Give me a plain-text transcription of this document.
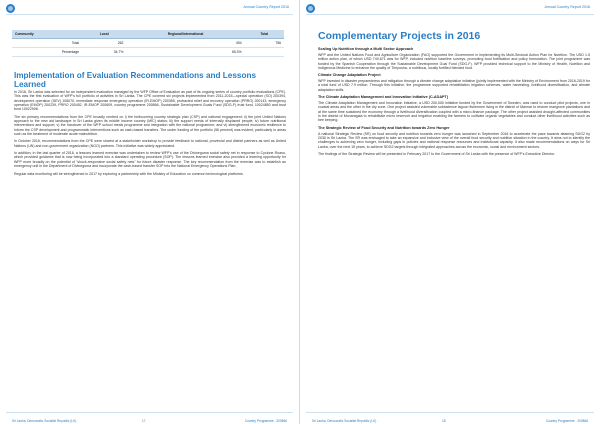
Annual Country Report 2016
Community	Local	Regional/international	Total
Total	262	494	756
Percentage	34.7%	65.3%	
Implementation of Evaluation Recommendations and Lessons Learned

In 2016, Sri Lanka was selected for an independent evaluation managed by the WFP Office of Evaluation as part of its ongoing series of country portfolio evaluations (CPE). This was the first evaluation of WFP's full portfolio of activities in Sri Lanka. The CPE covered six projects implemented from 2011-2015—special operation (SO) 200394, development operation (DEV) 106070, immediate response emergency operation (IR-EMOP) 200355, protracted relief and recovery operation (PRRO) 200143, emergency operation (EMOP) 200239, PRRO 200452, IR-EMOP 200609, country programme 200866, Sustainable Development Goals Fund (SDG-F) trust fund, 10024850 and trust fund 10022908.

The six primary recommendations from the CPE broadly centred on i) the forthcoming country strategic plan (CSP) and national engagement; ii) the joint United Nations approach to the new aid landscape in Sri Lanka given its middle income country (MIC) status; iii) the support needs of internally displaced people; iv) future nutritional interventions and support; v) the handover of the WFP school meals programme and integration with the national programme; and vi) strengthened economic resilience to inform the CSP development and programmatic interventions such as cash-based transfers. The under funding of the portfolio (56 percent) was evident, particularly in areas such as the treatment of moderate acute malnutrition.

In October 2016, recommendations from the CPE were shared at a stakeholder workshop to provide feedback to national, provincial and district partners as well as United Nations (UN) and non-government organization (NGO) partners. This initiative was widely appreciated.

In addition, in the last quarter of 2016, a lessons learned exercise was undertaken to review WFP's use of the Divineguma social safety net in response to Cyclone Roanu, which provided guidance that is now being incorporated into a standard operating procedure (SOP). The lessons learned exercise also provided a learning opportunity for WFP more broadly on the potential of "shock-responsive social safety nets" for future disaster response. The key recommendation from the exercise was to establish an emergency unit in the Department of Divineguma and incorporate the cash-based transfer SOP into the National Emergency Operations Plan.

Regular data monitoring will be strengthened in 2017 by exploring a partnership with the Ministry of Education on common technological platforms.

Sri Lanka, Democratic Socialist Republic (LK)	17	Country Programme - 200866
Annual Country Report 2016
Sri Lanka, Democratic Socialist Republic (LK)	18	Country Programme - 200866
Complementary Projects in 2016
Scaling Up Nutrition through a Multi Sector Approach

WFP and the United Nations Food and Agriculture Organization (FAO) supported the Government in implementing its Multi-Sectoral Action Plan for Nutrition. The USD 1.5 million action plan, of which USD 749,671 was for WFP, included nutrition baseline surveys, promoting food fortification and policy formulation. The joint programme was funded by the Spanish Cooperation through the Sustainable Development Goal Fund (SDG-F). WFP provided technical support to the Ministry of Health, Nutrition and Indigenous Medicine to enhance the quality of Thriposha, a nutritious, locally fortified blended food.

Climate Change Adaptation Project

WFP invested in disaster preparedness and mitigation through a climate change adaptation initiative (jointly implemented with the Ministry of Environment from 2016-2019 for a total fund of USD 7.9 million. Through this initiative, the programme supported rehabilitation irrigation schemes, water harvesting, livelihood diversification, and climate adaptation skills.

The Climate Adaptation Management and Innovation Initiative (C-ADAPT)

The Climate Adaptation Management and Innovation Initiative, a USD 200,000 initiative funded by the Government of Sweden, was used to conduct pilot projects, one in coastal areas and the other in the dry zone. One project assisted vulnerable subsistence lagoon fishermen living in the district of Mannar to restore mangrove plantations and at the same time sustained the economy through a livelihood diversification coupled with a micro-finance package. The other project assisted drought-affected communities in the district of Monaragala to rehabilitate micro reservoir and irrigation enabling the farmers to cultivate organic vegetables and conduct other livelihood activities such as bee keeping.

The Strategic Review of Food Security and Nutrition towards Zero Hunger

A national Strategic Review (SR) on food security and nutrition towards zero hunger was launched in September 2016 to accelerate the pace towards attaining SDG2 by 2030 in Sri Lanka. The SR was envisaged to take an expansive and inclusive view of the overall food security and nutrition situation in the country. It aims not to identify the challenges to achieving zero hunger, including gaps in policies and national response resources and institutional capacity. It also made recommendations on ways for Sri Lanka, over the next 15 years, to achieve SDG2 targets through integrated approaches across the economic, social and environment sectors.

The findings of the Strategic Review will be presented in February 2017 to the Government of Sri Lanka with the presence of WFP's Executive Director.
